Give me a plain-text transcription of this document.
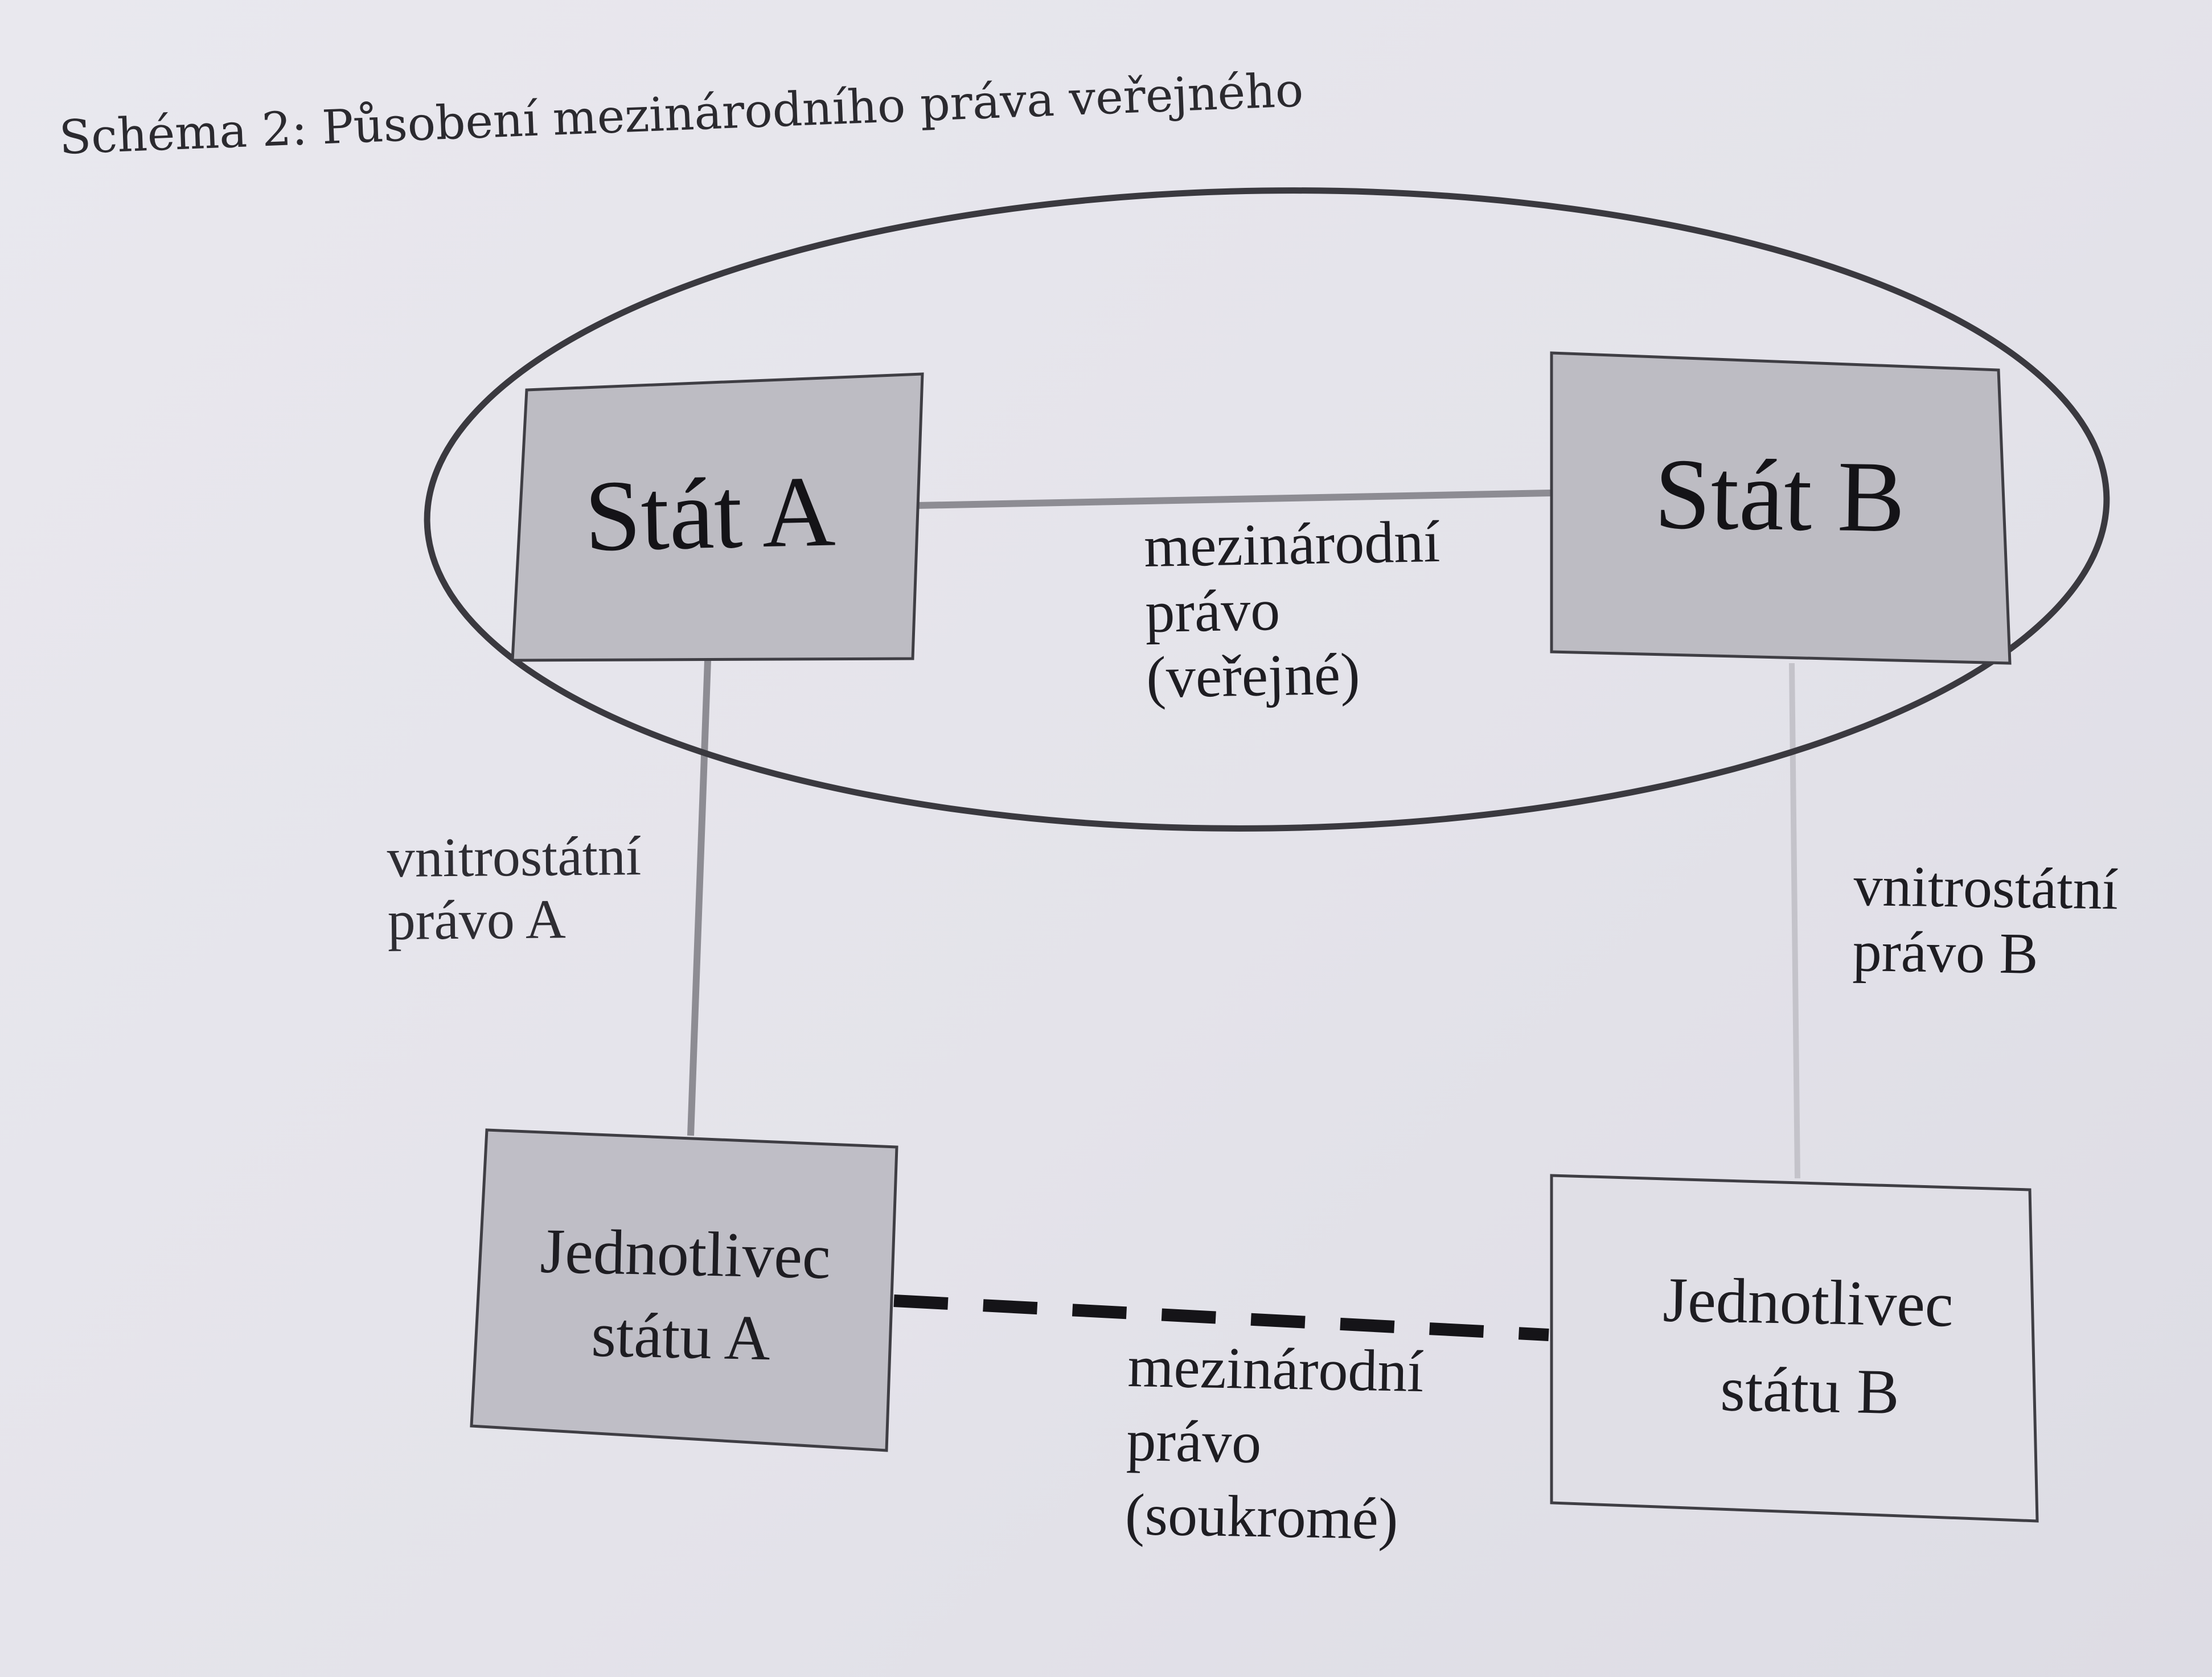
Schéma 2: Působení mezinárodního práva veřejného
Stát A	Stát B
Jednotlivec
státu A	Jednotlivec
státu B
mezinárodní
právo
(veřejné)
mezinárodní
právo
(soukromé)
vnitrostátní
právo A	vnitrostátní
právo B
